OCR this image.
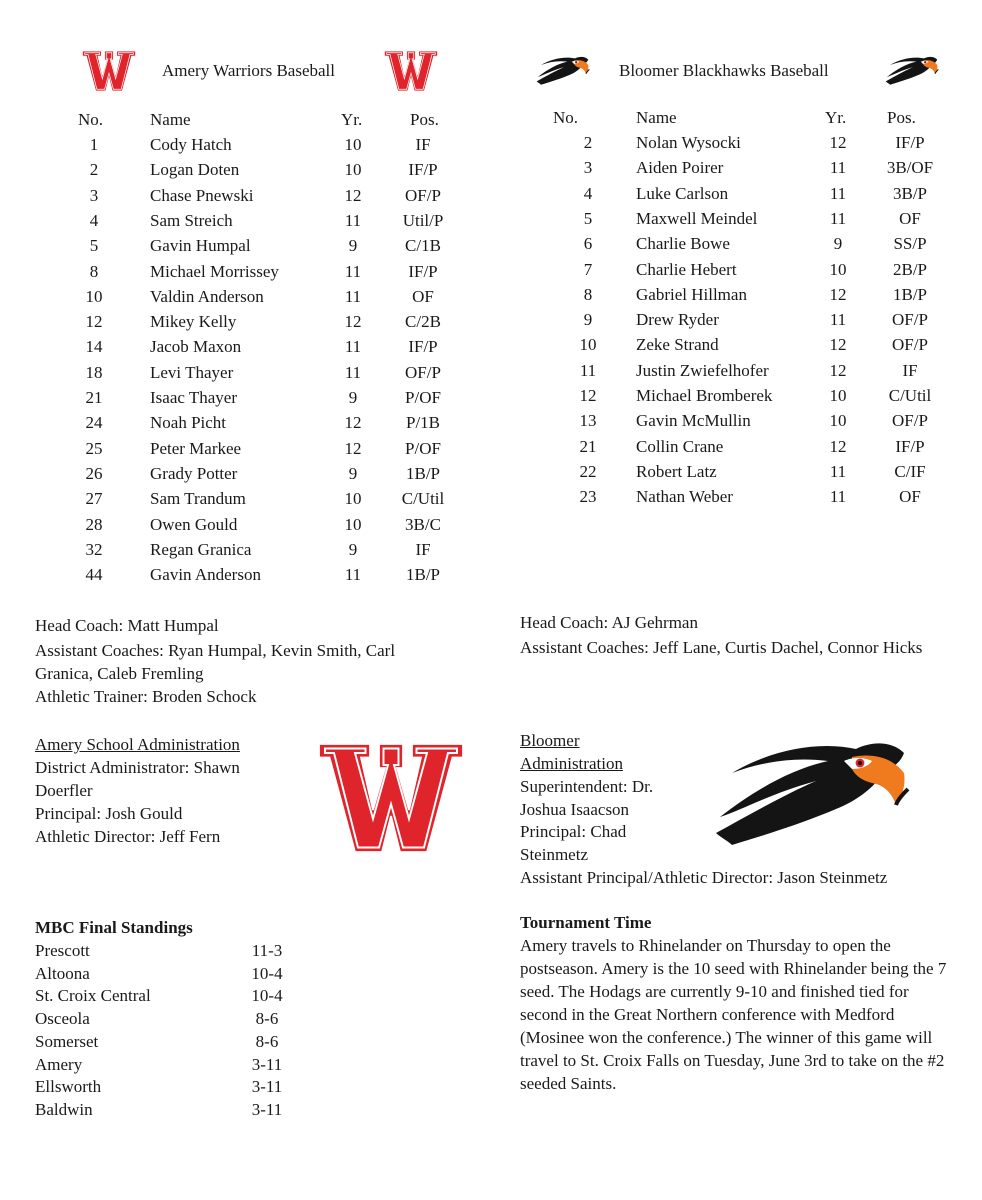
Amery Warriors Baseball	Bloomer Blackhawks Baseball
No.	Name	Yr.	Pos.
1	Cody Hatch	10	IF
2	Logan Doten	10	IF/P
3	Chase Pnewski	12	OF/P
4	Sam Streich	11	Util/P
5	Gavin Humpal	9	C/1B
8	Michael Morrissey	11	IF/P
10	Valdin Anderson	11	OF
12	Mikey Kelly	12	C/2B
14	Jacob Maxon	11	IF/P
18	Levi Thayer	11	OF/P
21	Isaac Thayer	9	P/OF
24	Noah Picht	12	P/1B
25	Peter Markee	12	P/OF
26	Grady Potter	9	1B/P
27	Sam Trandum	10	C/Util
28	Owen Gould	10	3B/C
32	Regan Granica	9	IF
44	Gavin Anderson	11	1B/P
No.	Name	Yr. Pos.
2	Nolan Wysocki	12	IF/P
3	Aiden Poirer	11	3B/OF
4	Luke Carlson	11	3B/P
5	Maxwell Meindel	11	OF
6	Charlie Bowe	9	SS/P
7	Charlie Hebert	10	2B/P
8	Gabriel Hillman	12	1B/P
9	Drew Ryder	11	OF/P
10	Zeke Strand	12	OF/P
11	Justin Zwiefelhofer	12	IF
12	Michael Bromberek	10	C/Util
13	Gavin McMullin	10	OF/P
21	Collin Crane	12	IF/P
22	Robert Latz	11	C/IF
23	Nathan Weber	11	OF
Head Coach: Matt Humpal
Assistant Coaches: Ryan Humpal, Kevin Smith, Carl Granica, Caleb Fremling
Athletic Trainer: Broden Schock
Head Coach: AJ Gehrman
Assistant Coaches: Jeff Lane, Curtis Dachel, Connor Hicks
Amery School Administration
District Administrator: Shawn Doerfler
Principal: Josh Gould
Athletic Director: Jeff Fern
Bloomer
Administration
Superintendent: Dr. Joshua Isaacson
Principal: Chad Steinmetz
Assistant Principal/Athletic Director: Jason Steinmetz
MBC Final Standings
Prescott	11-3
Altoona	10-4
St. Croix Central	10-4
Osceola	8-6
Somerset	8-6
Amery	3-11
Ellsworth	3-11
Baldwin	3-11
Tournament Time
Amery travels to Rhinelander on Thursday to open the postseason. Amery is the 10 seed with Rhinelander being the 7 seed. The Hodags are currently 9-10 and finished tied for second in the Great Northern conference with Medford (Mosinee won the conference.) The winner of this game will travel to St. Croix Falls on Tuesday, June 3rd to take on the #2 seeded Saints.
